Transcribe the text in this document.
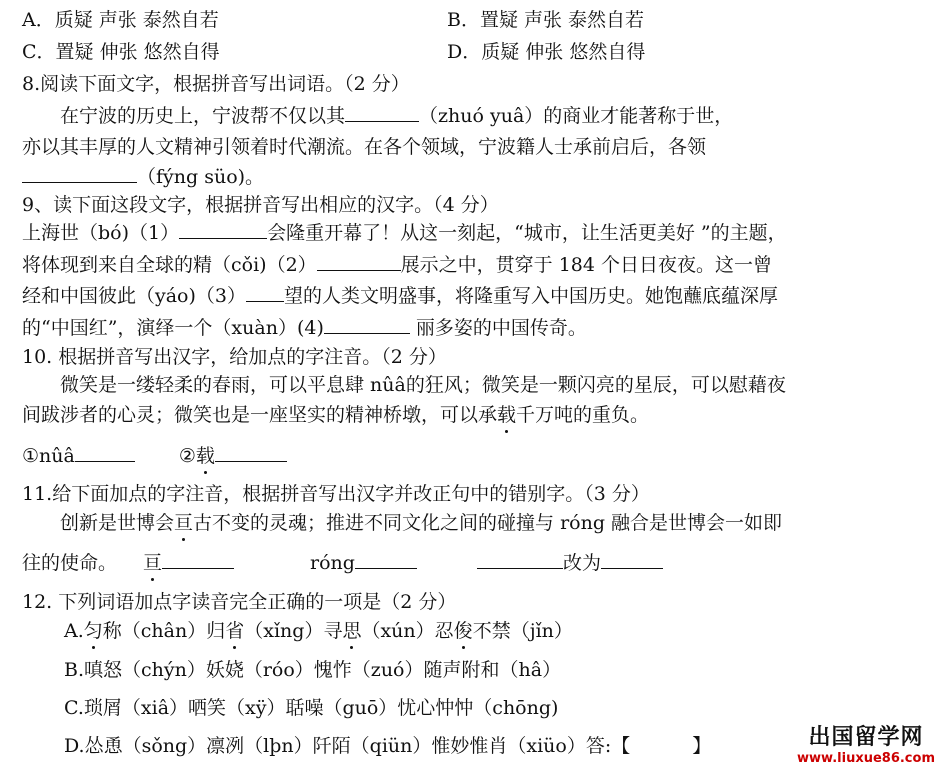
A．质疑 声张 泰然自若	B．置疑 声张 泰然自若
C．置疑 伸张 悠然自得	D．质疑 伸张 悠然自得
8.阅读下面文字，根据拼音写出词语。（2 分）
在宁波的历史上，宁波帮不仅以其	（zhuó yuâ）的商业才能著称于世，
亦以其丰厚的人文精神引领着时代潮流。在各个领域，宁波籍人士承前启后，各领
（fýng süo)。
9、读下面这段文字，根据拼音写出相应的汉字。（4 分）
上海世（bó)（1）	会隆重开幕了！从这一刻起，“城市，让生活更美好 ”的主题，
将体现到来自全球的精（cǒi)（2）	展示之中，贯穿于 184 个日日夜夜。这一曾
经和中国彼此（yáo)（3） 望的人类文明盛事，将隆重写入中国历史。她饱蘸底蕴深厚
的“中国红”，演绎一个（xuàn）(4)	丽多姿的中国传奇。
10. 根据拼音写出汉字，给加点的字注音。（2 分）
微笑是一缕轻柔的春雨，可以平息肆 nûâ的狂风；微笑是一颗闪亮的星辰，可以慰藉夜
间跋涉者的心灵；微笑也是一座坚实的精神桥墩，可以承载千万吨的重负。
①nûâ	②载
11.给下面加点的字注音，根据拼音写出汉字并改正句中的错别字。（3 分）
创新是世博会亘古不变的灵魂；推进不同文化之间的碰撞与 róng 融合是世博会一如即
往的使命。 亘	róng	改为
12. 下列词语加点字读音完全正确的一项是（2 分）
A.匀称（chân）归省（xǐng）寻思（xún）忍俊不禁（jǐn）
B.嗔怒（chýn）妖娆（róo）愧怍（zuó）随声附和（hâ）
C.琐屑（xiâ）哂笑（xÿ）聒噪（guō）忧心忡忡（chōng)
D.怂恿（sǒng）凛冽（lþn）阡陌（qiün）惟妙惟肖（xiüo）答:【	】	出国留学网
www.liuxue86.com
